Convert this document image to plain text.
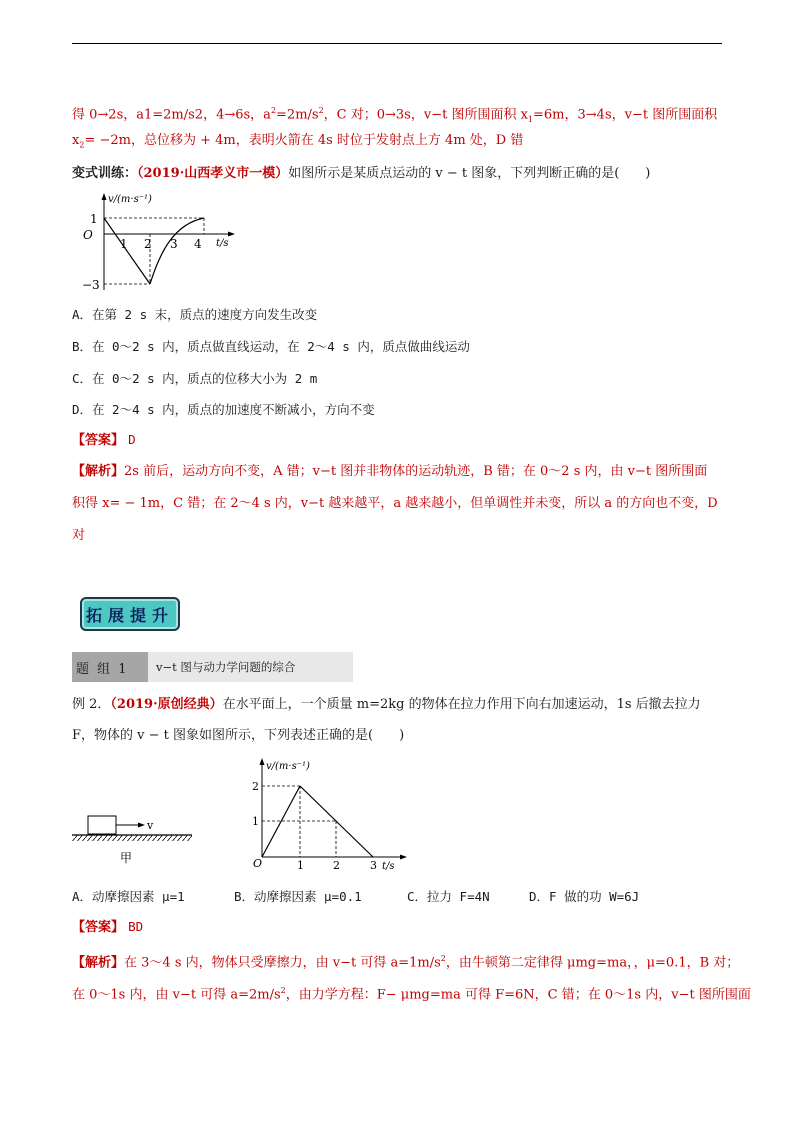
得 0→2s，a1=2m/s2，4→6s，$a^2=2m/s^2$，C 对；0→3s，v−t 图所围面积 $x_1=6m$，3→4s，v−t 图所围面积
$x_2= -2m$，总位移为 + 4m，表明火箭在 4s 时位于发射点上方 4m 处，D 错
变式训练：（2019·山西孝义市一模）如图所示是某质点运动的 v − t 图象，下列判断正确的是(　　)
v/(m·s⁻¹)
t/s
O
1
−3
1 2 3 4
A．在第 2 s 末，质点的速度方向发生改变
B．在 0～2 s 内，质点做直线运动，在 2～4 s 内，质点做曲线运动
C．在 0～2 s 内，质点的位移大小为 2 m
D．在 2～4 s 内，质点的加速度不断减小，方向不变
【答案】 D
【解析】2s 前后，运动方向不变，A 错；v−t 图并非物体的运动轨迹，B 错；在 0～2 s 内，由 v−t 图所围面
积得 x= − 1m，C 错；在 2～4 s 内，v−t 越来越平，a 越来越小，但单调性并未变，所以 a 的方向也不变，D
对
拓展提升
题 组 1	v−t 图与动力学问题的综合
例 2．（2019·原创经典）在水平面上，一个质量 m=2kg 的物体在拉力作用下向右加速运动，1s 后撤去拉力
F，物体的 v − t 图象如图所示，下列表述正确的是(　　)
v
甲
v/(m·s⁻¹)
t/s
O
2
1
1	2	3
A．动摩擦因素 μ=1	B．动摩擦因素 μ=0.1	C．拉力 F=4N	D．F 做的功 W=6J
【答案】 BD
【解析】在 3～4 s 内，物体只受摩擦力，由 v−t 可得 $a=1m/s^2$，由牛顿第二定律得 μmg=ma，，μ=0.1，B 对；
在 0～1s 内，由 v−t 可得 $a=2m/s^2$，由力学方程：F− μmg=ma 可得 F=6N，C 错；在 0～1s 内，v−t 图所围面
